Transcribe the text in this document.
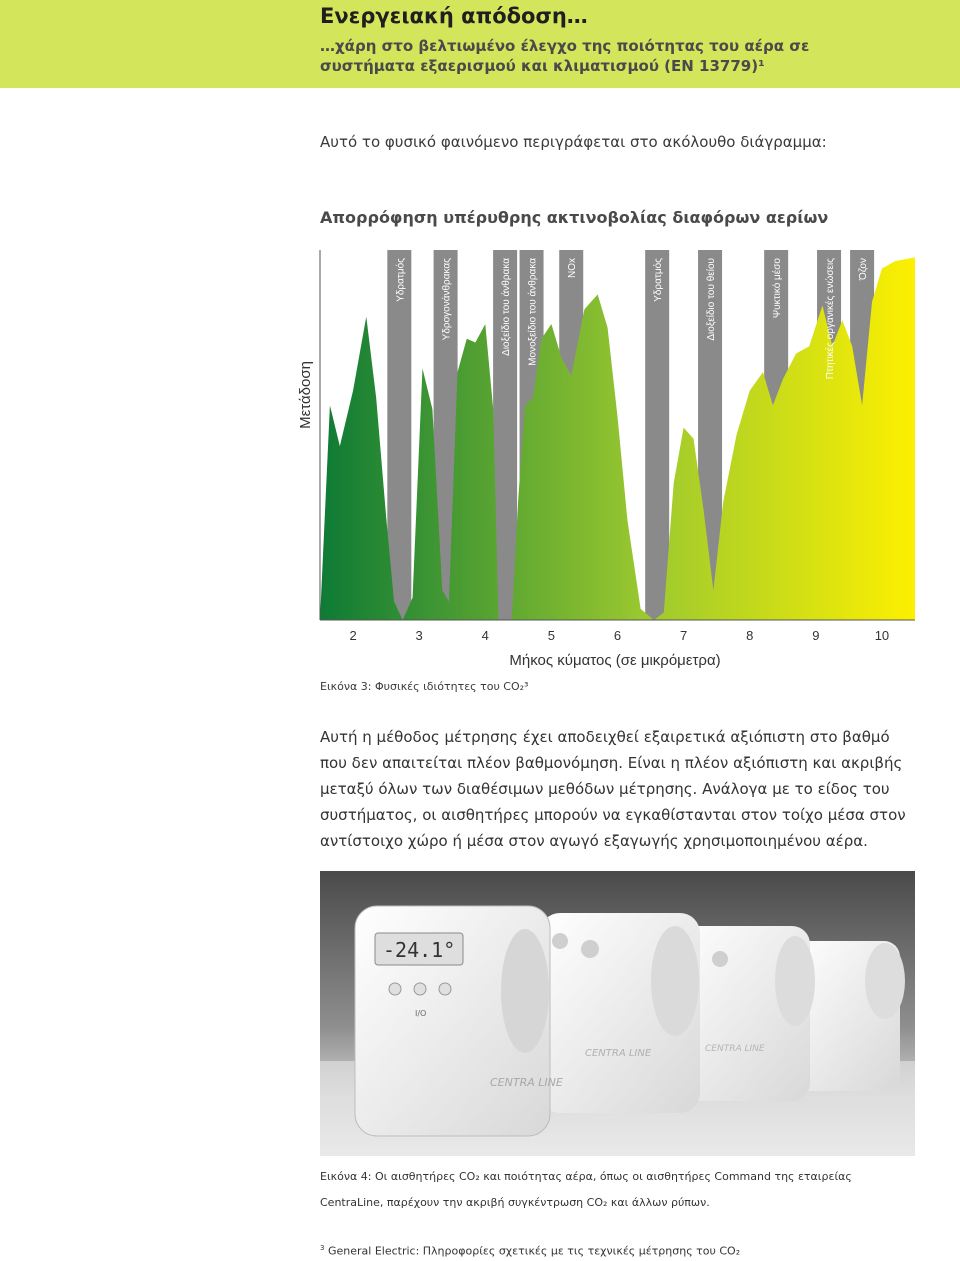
Ενεργειακή απόδοση…
…χάρη στο βελτιωμένο έλεγχο της ποιότητας του αέρα σε συστήματα εξαερισμού και κλιματισμού (ΕΝ 13779)¹
Αυτό το φυσικό φαινόμενο περιγράφεται στο ακόλουθο διάγραμμα:
Απορρόφηση υπέρυθρης ακτινοβολίας διαφόρων αερίων
2	3	4	5	6	7	8	9	10
Μήκος κύματος (σε μικρόμετρα)
Μετάδοση
Υδρατμός	Υδρογονάνθρακας	Διοξείδιο του άνθρακα Μονοξείδιο του άνθρακα	NOx	Υδρατμός	Διοξείδιο του θείου	Ψυκτικό μέσο	Πτητικές οργανικές ενώσεις Όζον
Εικόνα 3: Φυσικές ιδιότητες του CO₂³
Αυτή η μέθοδος μέτρησης έχει αποδειχθεί εξαιρετικά αξιόπιστη στο βαθμό που δεν απαιτείται πλέον βαθμονόμηση. Είναι η πλέον αξιόπιστη και ακριβής μεταξύ όλων των διαθέσιμων μεθόδων μέτρησης. Ανάλογα με το είδος του συστήματος, οι αισθητήρες μπορούν να εγκαθίστανται στον τοίχο μέσα στον αντίστοιχο χώρο ή μέσα στον αγωγό εξαγωγής χρησιμοποιημένου αέρα.
CENTRA LINE
CENTRA LINE
-24.1°
I/O
CENTRA LINE
Εικόνα 4: Οι αισθητήρες CO₂ και ποιότητας αέρα, όπως οι αισθητήρες Command της εταιρείας CentraLine, παρέχουν την ακριβή συγκέντρωση CO₂ και άλλων ρύπων.
$^3$ General Electric: Πληροφορίες σχετικές με τις τεχνικές μέτρησης του CO₂
